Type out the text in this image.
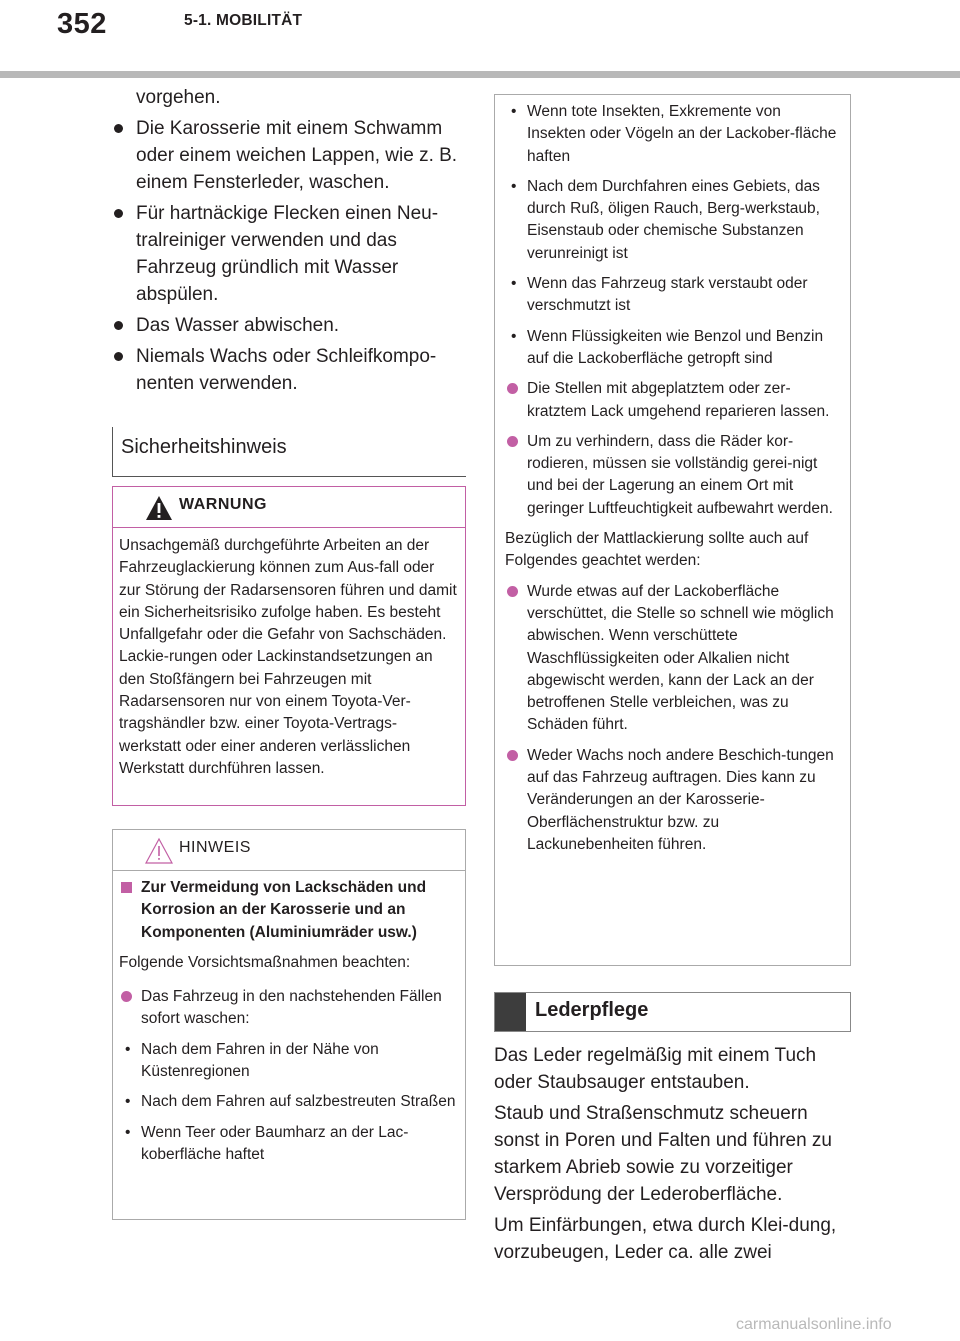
352	5-1. MOBILITÄT
vorgehen.
Die Karosserie mit einem Schwamm oder einem weichen Lappen, wie z. B. einem Fensterleder, waschen.
Für hartnäckige Flecken einen Neu-tralreiniger verwenden und das Fahrzeug gründlich mit Wasser abspülen.
Das Wasser abwischen.
Niemals Wachs oder Schleifkompo-nenten verwenden.
Sicherheitshinweis
WARNUNG
Unsachgemäß durchgeführte Arbeiten an der Fahrzeuglackierung können zum Aus-fall oder zur Störung der Radarsensoren führen und damit ein Sicherheitsrisiko zufolge haben. Es besteht Unfallgefahr oder die Gefahr von Sachschäden. Lackie-rungen oder Lackinstandsetzungen an den Stoßfängern bei Fahrzeugen mit Radarsensoren nur von einem Toyota-Ver-tragshändler bzw. einer Toyota-Vertrags-werkstatt oder einer anderen verlässlichen Werkstatt durchführen lassen.
HINWEIS
Zur Vermeidung von Lackschäden und Korrosion an der Karosserie und an Komponenten (Aluminiumräder usw.)
Folgende Vorsichtsmaßnahmen beachten:
Das Fahrzeug in den nachstehenden Fällen sofort waschen:
• Nach dem Fahren in der Nähe von Küstenregionen
• Nach dem Fahren auf salzbestreuten Straßen
• Wenn Teer oder Baumharz an der Lac-koberfläche haftet
• Wenn tote Insekten, Exkremente von Insekten oder Vögeln an der Lackober-fläche haften
• Nach dem Durchfahren eines Gebiets, das durch Ruß, öligen Rauch, Berg-werkstaub, Eisenstaub oder chemische Substanzen verunreinigt ist
• Wenn das Fahrzeug stark verstaubt oder verschmutzt ist
• Wenn Flüssigkeiten wie Benzol und Benzin auf die Lackoberfläche getropft sind
Die Stellen mit abgeplatztem oder zer-kratztem Lack umgehend reparieren lassen.
Um zu verhindern, dass die Räder kor-rodieren, müssen sie vollständig gerei-nigt und bei der Lagerung an einem Ort mit geringer Luftfeuchtigkeit aufbewahrt werden.
Bezüglich der Mattlackierung sollte auch auf Folgendes geachtet werden:
Wurde etwas auf der Lackoberfläche verschüttet, die Stelle so schnell wie möglich abwischen. Wenn verschüttete Waschflüssigkeiten oder Alkalien nicht abgewischt werden, kann der Lack an der betroffenen Stelle verbleichen, was zu Schäden führt.
Weder Wachs noch andere Beschich-tungen auf das Fahrzeug auftragen. Dies kann zu Veränderungen an der Karosserie-Oberflächenstruktur bzw. zu Lackunebenheiten führen.
Lederpflege

Das Leder regelmäßig mit einem Tuch oder Staubsauger entstauben.

Staub und Straßenschmutz scheuern sonst in Poren und Falten und führen zu starkem Abrieb sowie zu vorzeitiger Versprödung der Lederoberfläche.

Um Einfärbungen, etwa durch Klei-dung, vorzubeugen, Leder ca. alle zwei

carmanualsonline.info
